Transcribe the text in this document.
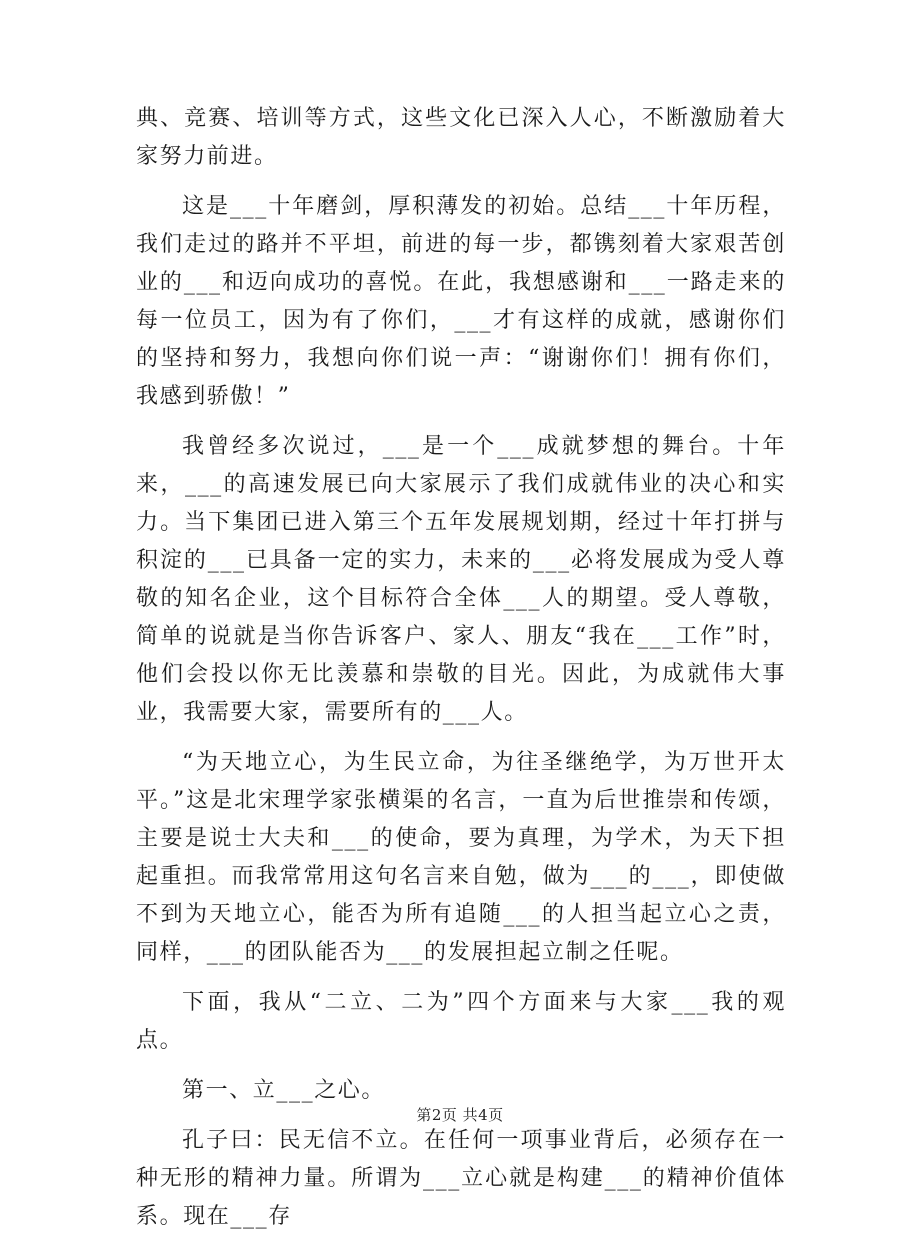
典、竞赛、培训等方式，这些文化已深入人心，不断激励着大家努力前进。

这是___十年磨剑，厚积薄发的初始。总结___十年历程，我们走过的路并不平坦，前进的每一步，都镌刻着大家艰苦创业的___和迈向成功的喜悦。在此，我想感谢和___一路走来的每一位员工，因为有了你们，___才有这样的成就，感谢你们的坚持和努力，我想向你们说一声：“谢谢你们！拥有你们，我感到骄傲！”

我曾经多次说过，___是一个___成就梦想的舞台。十年来，___的高速发展已向大家展示了我们成就伟业的决心和实力。当下集团已进入第三个五年发展规划期，经过十年打拼与积淀的___已具备一定的实力，未来的___必将发展成为受人尊敬的知名企业，这个目标符合全体___人的期望。受人尊敬，简单的说就是当你告诉客户、家人、朋友“我在___工作”时，他们会投以你无比羡慕和崇敬的目光。因此，为成就伟大事业，我需要大家，需要所有的___人。

“为天地立心，为生民立命，为往圣继绝学，为万世开太平。”这是北宋理学家张横渠的名言，一直为后世推崇和传颂，主要是说士大夫和___的使命，要为真理，为学术，为天下担起重担。而我常常用这句名言来自勉，做为___的___，即使做不到为天地立心，能否为所有追随___的人担当起立心之责，同样，___的团队能否为___的发展担起立制之任呢。

下面，我从“二立、二为”四个方面来与大家___我的观点。

第一、立___之心。

孔子曰：民无信不立。在任何一项事业背后，必须存在一种无形的精神力量。所谓为___立心就是构建___的精神价值体系。现在___存

第2页 共4页
